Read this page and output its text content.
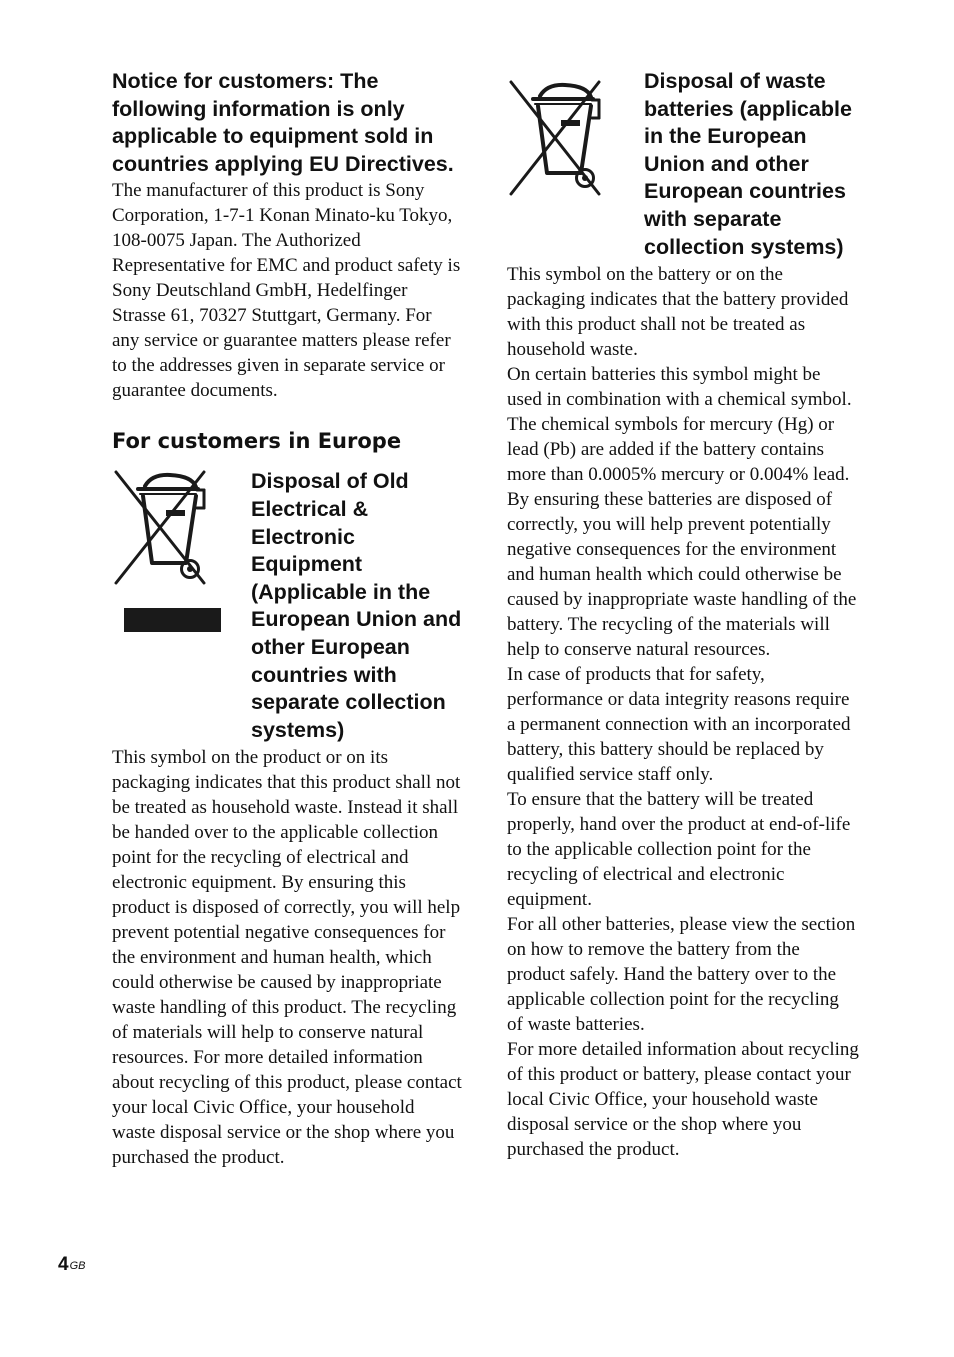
Notice for customers: The following information is only applicable to equipment sold in countries applying EU Directives.

The manufacturer of this product is Sony Corporation, 1-7-1 Konan Minato-ku Tokyo, 108-0075 Japan. The Authorized Representative for EMC and product safety is Sony Deutschland GmbH, Hedelfinger Strasse 61, 70327 Stuttgart, Germany. For any service or guarantee matters please refer to the addresses given in separate service or guarantee documents.

For customers in Europe

Disposal of Old Electrical & Electronic Equipment (Applicable in the European Union and other European countries with separate collection systems)

This symbol on the product or on its packaging indicates that this product shall not be treated as household waste. Instead it shall be handed over to the applicable collection point for the recycling of electrical and electronic equipment. By ensuring this product is disposed of correctly, you will help prevent potential negative consequences for the environment and human health, which could otherwise be caused by inappropriate waste handling of this product. The recycling of materials will help to conserve natural resources. For more detailed information about recycling of this product, please contact your local Civic Office, your household waste disposal service or the shop where you purchased the product.

Disposal of waste batteries (applicable in the European Union and other European countries with separate collection systems)

This symbol on the battery or on the packaging indicates that the battery provided with this product shall not be treated as household waste.

On certain batteries this symbol might be used in combination with a chemical symbol. The chemical symbols for mercury (Hg) or lead (Pb) are added if the battery contains more than 0.0005% mercury or 0.004% lead. By ensuring these batteries are disposed of correctly, you will help prevent potentially negative consequences for the environment and human health which could otherwise be caused by inappropriate waste handling of the battery. The recycling of the materials will help to conserve natural resources.

In case of products that for safety, performance or data integrity reasons require a permanent connection with an incorporated battery, this battery should be replaced by qualified service staff only.

To ensure that the battery will be treated properly, hand over the product at end-of-life to the applicable collection point for the recycling of electrical and electronic equipment.

For all other batteries, please view the section on how to remove the battery from the product safely. Hand the battery over to the applicable collection point for the recycling of waste batteries.

For more detailed information about recycling of this product or battery, please contact your local Civic Office, your household waste disposal service or the shop where you purchased the product.

$4^{GB}$
